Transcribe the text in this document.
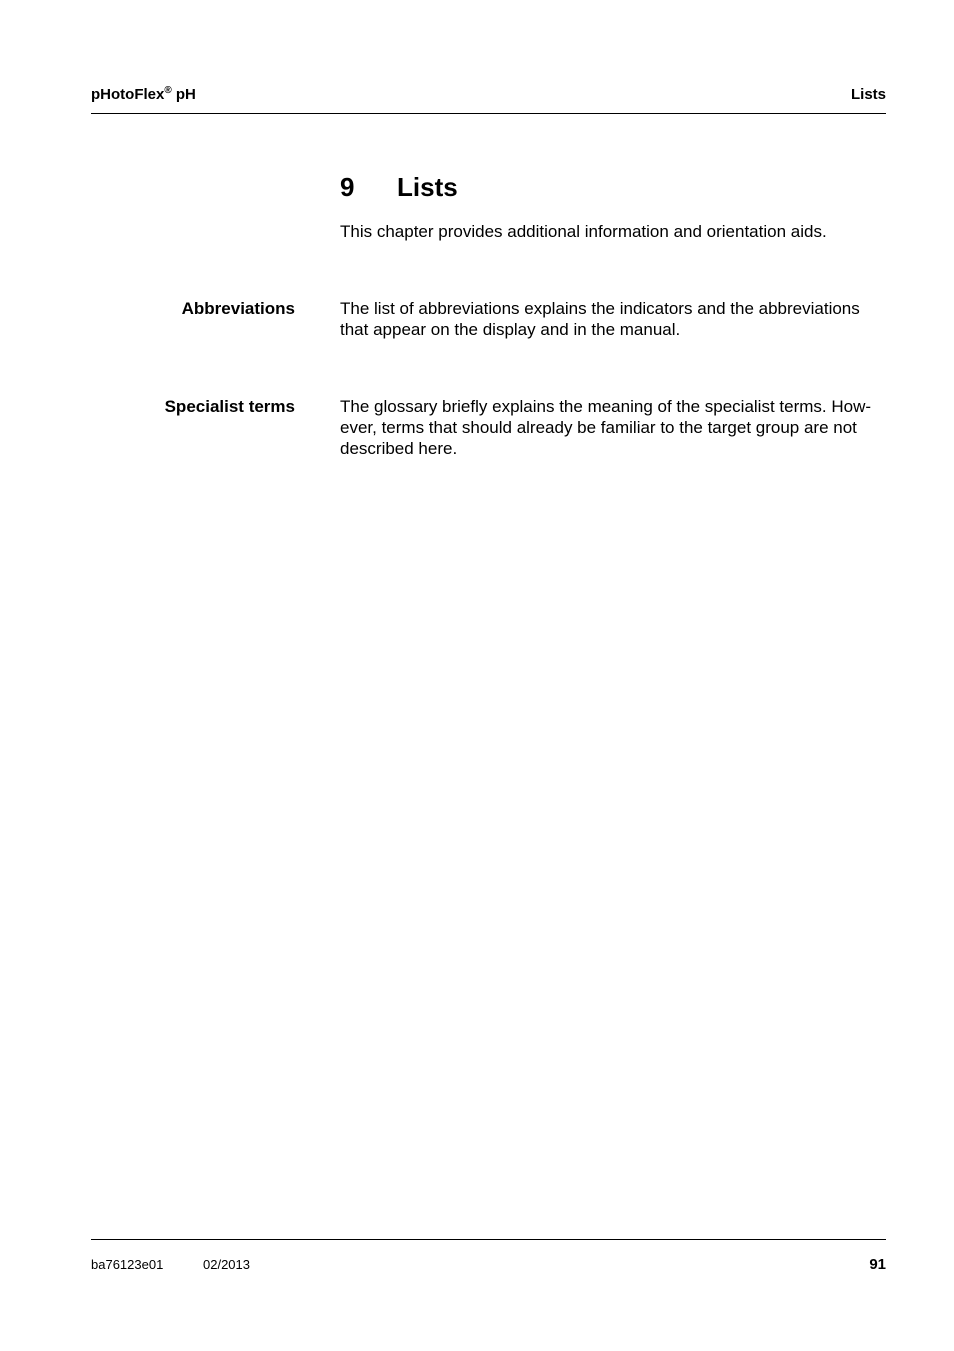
pHotoFlex® pH	Lists
9 Lists
This chapter provides additional information and orientation aids.
Abbreviations	The list of abbreviations explains the indicators and the abbreviations that appear on the display and in the manual.
Specialist terms	The glossary briefly explains the meaning of the specialist terms. How-
ever, terms that should already be familiar to the target group are not
described here.
ba76123e01	02/2013	91
